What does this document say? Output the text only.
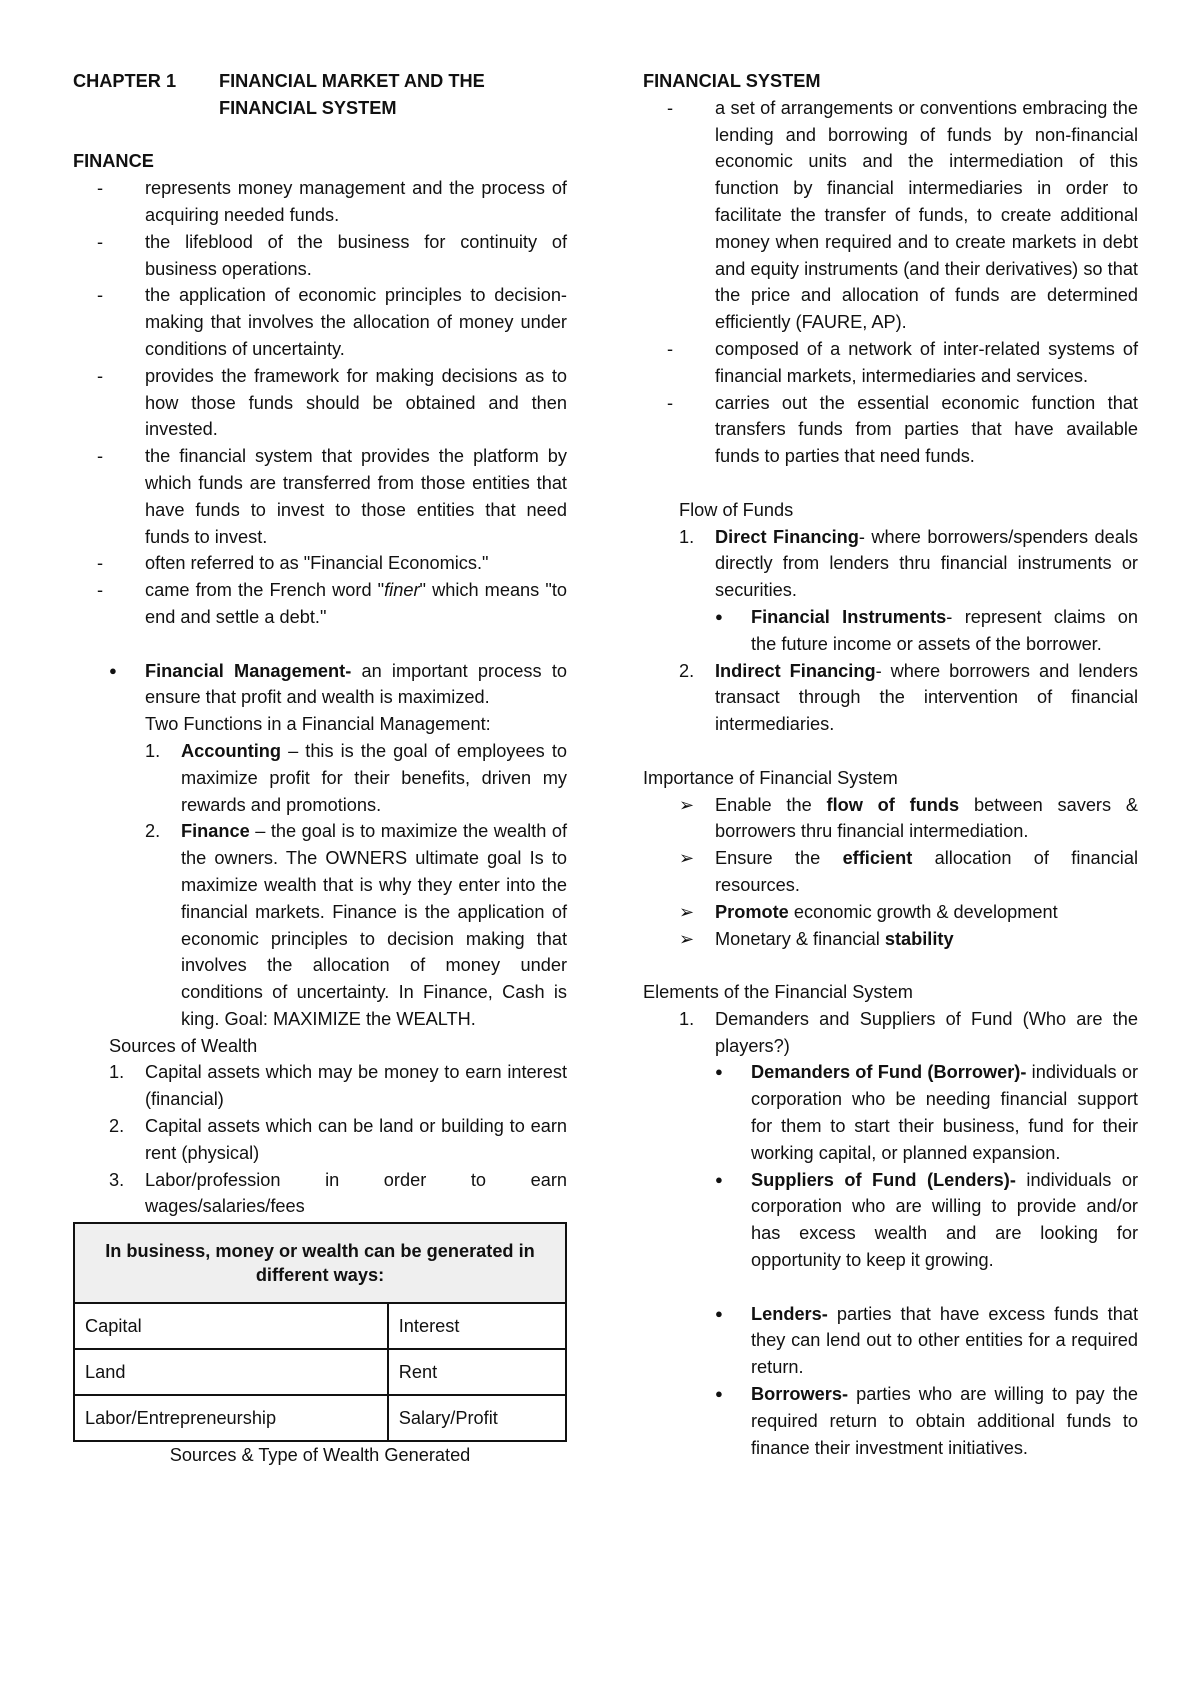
CHAPTER 1	FINANCIAL MARKET AND THE
FINANCIAL SYSTEM
FINANCE
-	represents money management and the process of acquiring needed funds.
-	the lifeblood of the business for continuity of business operations.
-	the application of economic principles to decision-making that involves the allocation of money under conditions of uncertainty.
-	provides the framework for making decisions as to how those funds should be obtained and then invested.
-	the financial system that provides the platform by which funds are transferred from those entities that have funds to invest to those entities that need funds to invest.
-	often referred to as "Financial Economics."
-	came from the French word "finer" which means "to end and settle a debt."
●	Financial Management- an important process to ensure that profit and wealth is maximized.
Two Functions in a Financial Management:
1.	Accounting – this is the goal of employees to maximize profit for their benefits, driven my rewards and promotions.
2.	Finance – the goal is to maximize the wealth of the owners. The OWNERS ultimate goal Is to maximize wealth that is why they enter into the financial markets. Finance is the application of economic principles to decision making that involves the allocation of money under conditions of uncertainty. In Finance, Cash is king. Goal: MAXIMIZE the WEALTH.
Sources of Wealth
1.	Capital assets which may be money to earn interest (financial)
2.	Capital assets which can be land or building to earn rent (physical)
3.	Labor/profession in order to earn wages/salaries/fees
In business, money or wealth can be generated in different ways:	
Capital	Interest
Land	Rent
Labor/Entrepreneurship	Salary/Profit
Sources & Type of Wealth Generated
FINANCIAL SYSTEM
-	a set of arrangements or conventions embracing the lending and borrowing of funds by non-financial economic units and the intermediation of this function by financial intermediaries in order to facilitate the transfer of funds, to create additional money when required and to create markets in debt and equity instruments (and their derivatives) so that the price and allocation of funds are determined efficiently (FAURE, AP).
-	composed of a network of inter-related systems of financial markets, intermediaries and services.
-	carries out the essential economic function that transfers funds from parties that have available funds to parties that need funds.
Flow of Funds
1.	Direct Financing- where borrowers/spenders deals directly from lenders thru financial instruments or securities.
●	Financial Instruments- represent claims on the future income or assets of the borrower.
2.	Indirect Financing- where borrowers and lenders transact through the intervention of financial intermediaries.
Importance of Financial System
➢	Enable the flow of funds between savers & borrowers thru financial intermediation.
➢	Ensure the efficient allocation of financial resources.
➢	Promote economic growth & development
➢	Monetary & financial stability
Elements of the Financial System
1.	Demanders and Suppliers of Fund (Who are the players?)
●	Demanders of Fund (Borrower)- individuals or corporation who be needing financial support for them to start their business, fund for their working capital, or planned expansion.
●	Suppliers of Fund (Lenders)- individuals or corporation who are willing to provide and/or has excess wealth and are looking for opportunity to keep it growing.
●	Lenders- parties that have excess funds that they can lend out to other entities for a required return.
●	Borrowers- parties who are willing to pay the required return to obtain additional funds to finance their investment initiatives.
